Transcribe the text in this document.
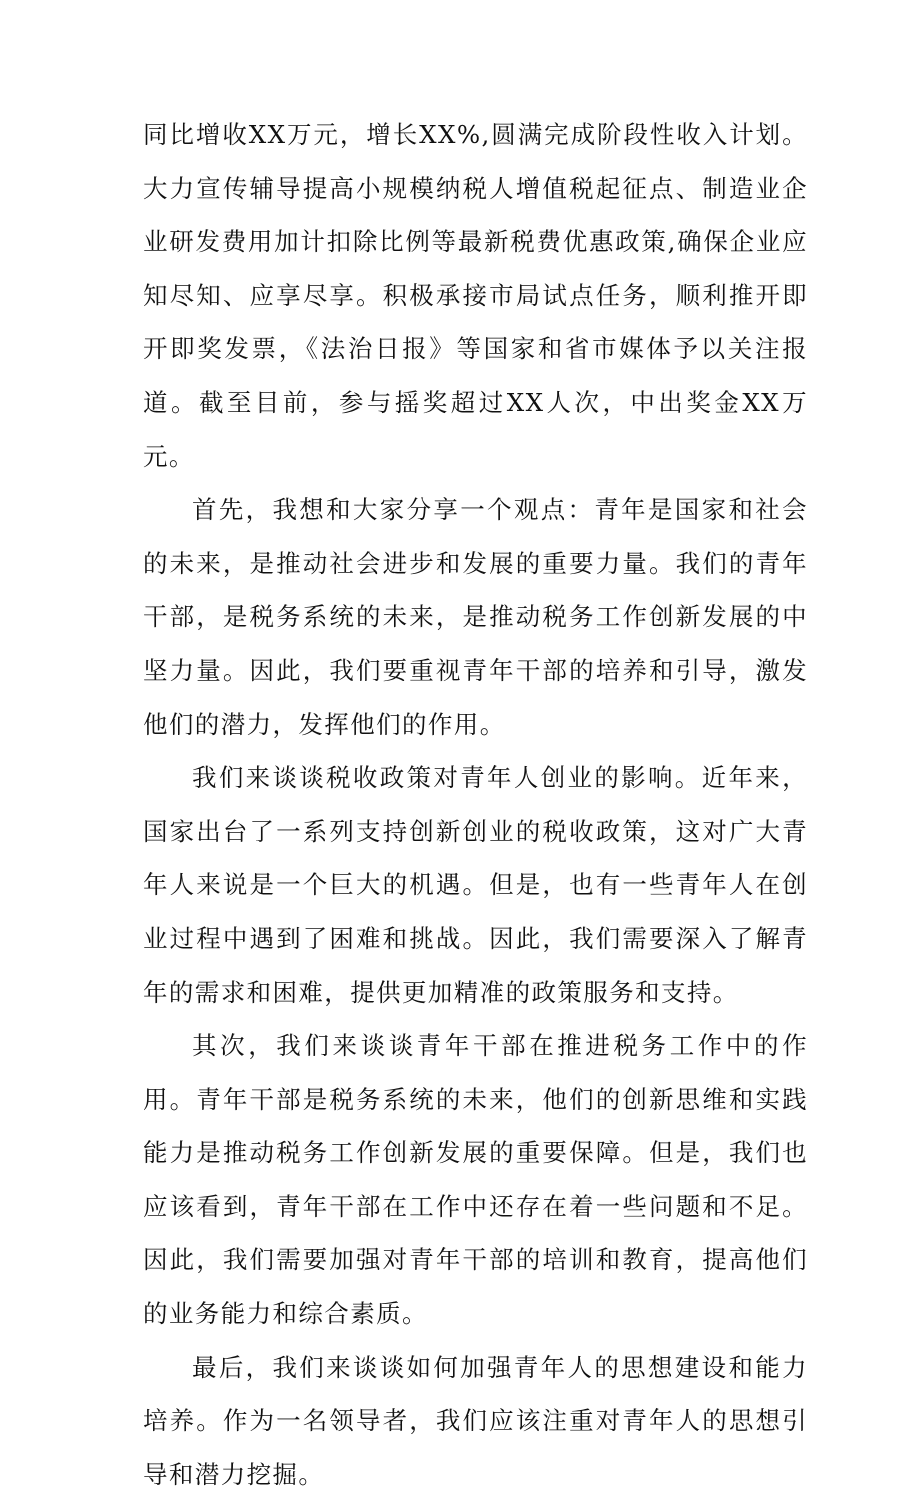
同比增收XX万元，增长XX%,圆满完成阶段性收入计划。大力宣传辅导提高小规模纳税人增值税起征点、制造业企业研发费用加计扣除比例等最新税费优惠政策,确保企业应知尽知、应享尽享。积极承接市局试点任务，顺利推开即开即奖发票，《法治日报》等国家和省市媒体予以关注报道。截至目前，参与摇奖超过XX人次，中出奖金XX万元。

首先，我想和大家分享一个观点：青年是国家和社会的未来，是推动社会进步和发展的重要力量。我们的青年干部，是税务系统的未来，是推动税务工作创新发展的中坚力量。因此，我们要重视青年干部的培养和引导，激发他们的潜力，发挥他们的作用。

我们来谈谈税收政策对青年人创业的影响。近年来，国家出台了一系列支持创新创业的税收政策，这对广大青年人来说是一个巨大的机遇。但是，也有一些青年人在创业过程中遇到了困难和挑战。因此，我们需要深入了解青年的需求和困难，提供更加精准的政策服务和支持。

其次，我们来谈谈青年干部在推进税务工作中的作用。青年干部是税务系统的未来，他们的创新思维和实践能力是推动税务工作创新发展的重要保障。但是，我们也应该看到，青年干部在工作中还存在着一些问题和不足。因此，我们需要加强对青年干部的培训和教育，提高他们的业务能力和综合素质。

最后，我们来谈谈如何加强青年人的思想建设和能力培养。作为一名领导者，我们应该注重对青年人的思想引导和潜力挖掘。
